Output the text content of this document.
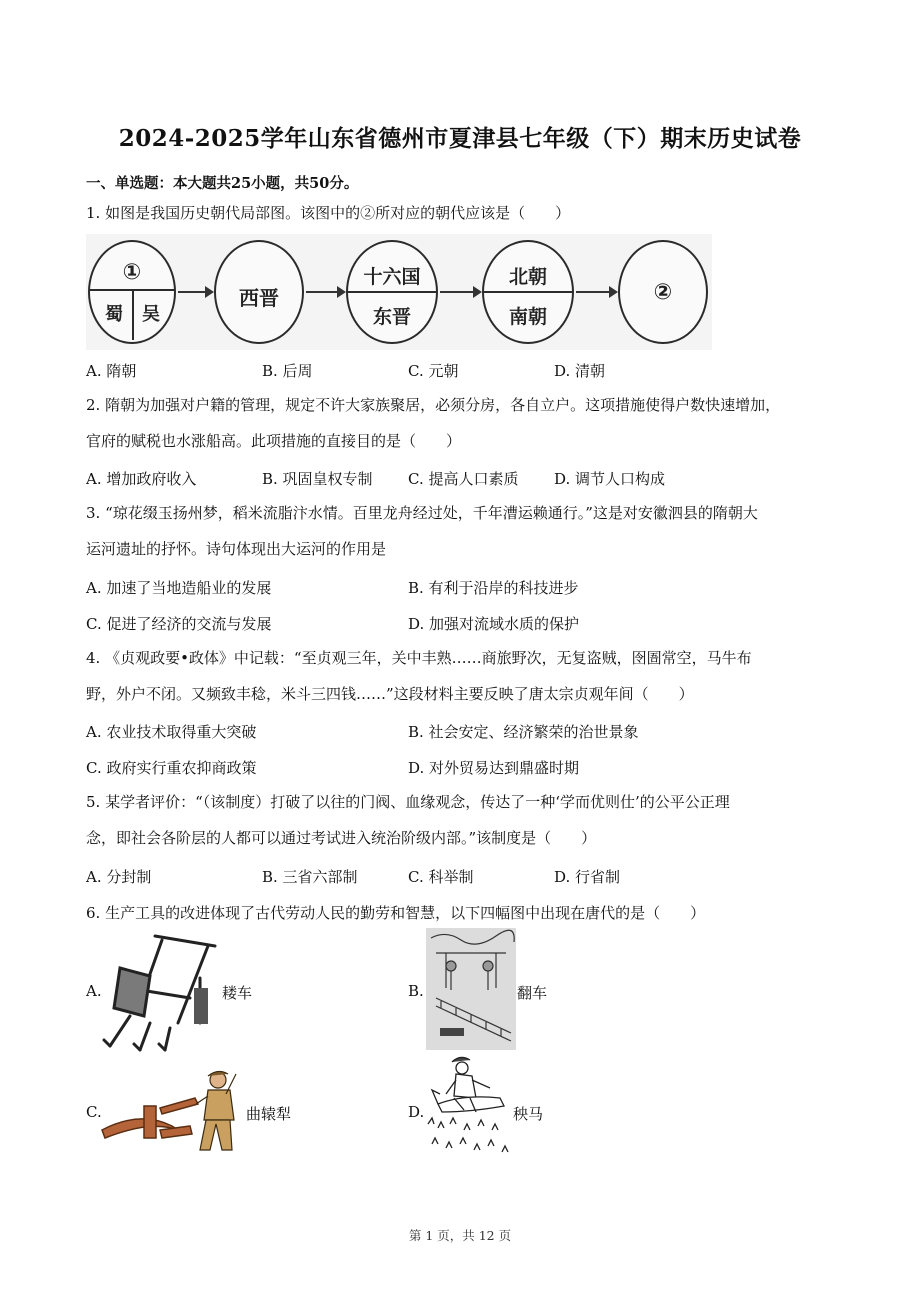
2024-2025学年山东省德州市夏津县七年级（下）期末历史试卷
一、单选题：本大题共25小题，共50分。
1. 如图是我国历史朝代局部图。该图中的②所对应的朝代应该是（　　）
①
蜀	吴
西晋
十六国
东晋
北朝
南朝
②
A. 隋朝	B. 后周	C. 元朝	D. 清朝
2. 隋朝为加强对户籍的管理，规定不许大家族聚居，必须分房，各自立户。这项措施使得户数快速增加，
官府的赋税也水涨船高。此项措施的直接目的是（　　）
A. 增加政府收入	B. 巩固皇权专制 C. 提高人口素质 D. 调节人口构成
3. “琼花缀玉扬州梦，稻米流脂汴水情。百里龙舟经过处，千年漕运赖通行。”这是对安徽泗县的隋朝大
运河遗址的抒怀。诗句体现出大运河的作用是
A. 加速了当地造船业的发展	B. 有利于沿岸的科技进步
C. 促进了经济的交流与发展	D. 加强对流域水质的保护
4. 《贞观政要•政体》中记载：“至贞观三年，关中丰熟……商旅野次，无复盗贼，囹圄常空，马牛布
野，外户不闭。又频致丰稔，米斗三四钱……”这段材料主要反映了唐太宗贞观年间（　　）
A. 农业技术取得重大突破	B. 社会安定、经济繁荣的治世景象
C. 政府实行重农抑商政策	D. 对外贸易达到鼎盛时期
5. 某学者评价：“（该制度）打破了以往的门阀、血缘观念，传达了一种‘学而优则仕’的公平公正理
念，即社会各阶层的人都可以通过考试进入统治阶级内部。”该制度是（　　）
A. 分封制	B. 三省六部制	C. 科举制	D. 行省制
6. 生产工具的改进体现了古代劳动人民的勤劳和智慧，以下四幅图中出现在唐代的是（　　）
A.	耧车	B.	翻车
C.	曲辕犁	D.	秧马
第 1 页，共 12 页
